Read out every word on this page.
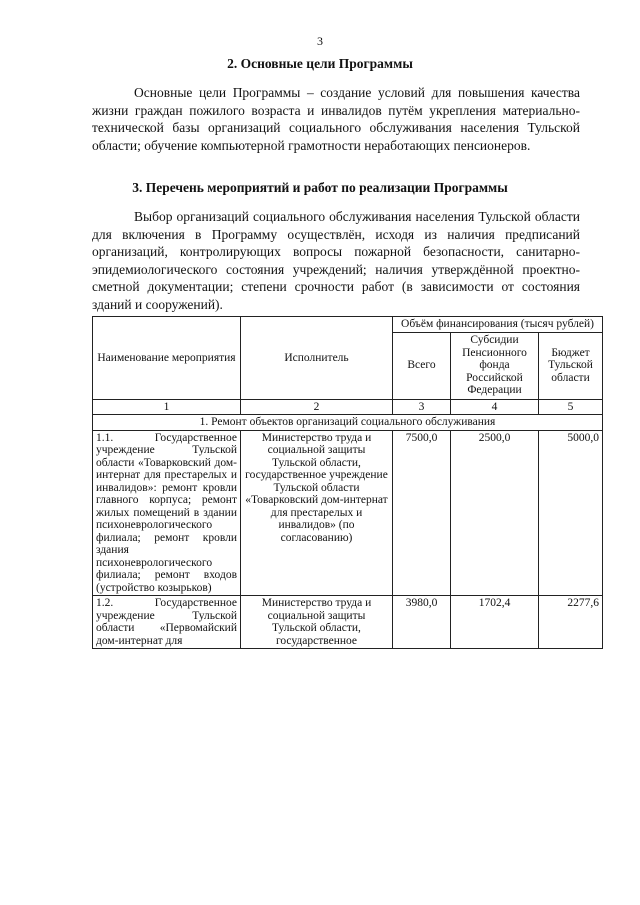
3
2. Основные цели Программы
Основные цели Программы – создание условий для повышения качества жизни граждан пожилого возраста и инвалидов путём укрепления материально-технической базы организаций социального обслуживания населения Тульской области; обучение компьютерной грамотности неработающих пенсионеров.
3. Перечень мероприятий и работ по реализации Программы
Выбор организаций социального обслуживания населения Тульской области для включения в Программу осуществлён, исходя из наличия предписаний организаций, контролирующих вопросы пожарной безопасности, санитарно-эпидемиологического состояния учреждений; наличия утверждённой проектно-сметной документации; степени срочности работ (в зависимости от состояния зданий и сооружений).
Наименование мероприятия	Исполнитель	Объём финансирования (тысяч рублей)		
		Всего	Субсидии Пенсионного фонда Российской Федерации	Бюджет Тульской области
1	2	3	4	5
1. Ремонт объектов организаций социального обслуживания				
1.1. Государственное учреждение Тульской области «Товарковский дом-интернат для престарелых и инвалидов»: ремонт кровли главного корпуса; ремонт жилых помещений в здании психоневрологического филиала; ремонт кровли здания психоневрологического филиала; ремонт входов (устройство козырьков)	Министерство труда и социальной защиты Тульской области, государственное учреждение Тульской области «Товарковский дом-интернат для престарелых и инвалидов» (по согласованию)	7500,0	2500,0	5000,0
1.2. Государственное учреждение Тульской области «Первомайский дом-интернат для	Министерство труда и социальной защиты Тульской области, государственное	3980,0	1702,4	2277,6
